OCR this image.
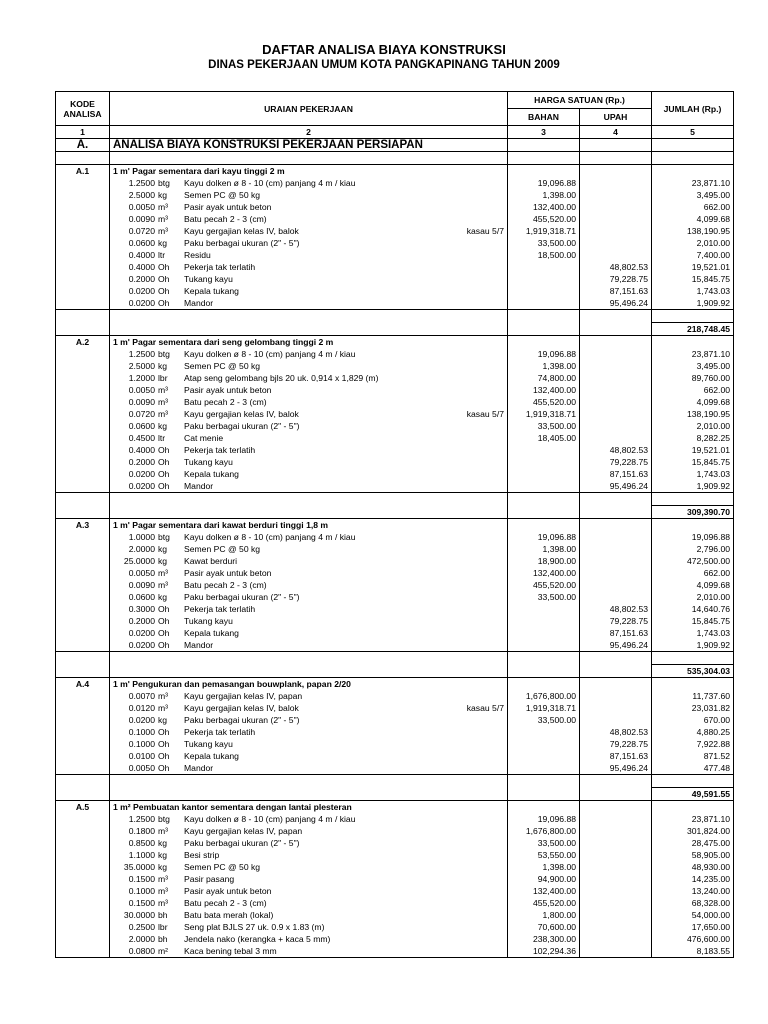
DAFTAR ANALISA BIAYA KONSTRUKSI
DINAS PEKERJAAN UMUM KOTA PANGKAPINANG TAHUN 2009
KODE ANALISA	URAIAN PEKERJAAN	HARGA SATUAN (Rp.)		JUMLAH (Rp.)
		BAHAN	UPAH	
1	2	3	4	5
A.	ANALISA BIAYA KONSTRUKSI PEKERJAAN PERSIAPAN			

A.1	1 m' Pagar sementara dari kayu tinggi 2 m			
	1.2500 btg Kayu dolken ø 8 - 10 (cm) panjang 4 m / kiau	19,096.88		23,871.10
	2.5000 kg Semen PC @ 50 kg	1,398.00		3,495.00
	0.0050 m³ Pasir ayak untuk beton	132,400.00		662.00
	0.0090 m³ Batu pecah 2 - 3 (cm)	455,520.00		4,099.68
	0.0720 m³ Kayu gergajian kelas IV, balok kasau 5/7	1,919,318.71		138,190.95
	0.0600 kg Paku berbagai ukuran (2" - 5")	33,500.00		2,010.00
	0.4000 ltr Residu	18,500.00		7,400.00
	0.4000 Oh Pekerja tak terlatih		48,802.53	19,521.01
	0.2000 Oh Tukang kayu		79,228.75	15,845.75
	0.0200 Oh Kepala tukang		87,151.63	1,743.03
	0.0200 Oh Mandor		95,496.24	1,909.92

				218,748.45
A.2	1 m' Pagar sementara dari seng gelombang tinggi 2 m			
	1.2500 btg Kayu dolken ø 8 - 10 (cm) panjang 4 m / kiau	19,096.88		23,871.10
	2.5000 kg Semen PC @ 50 kg	1,398.00		3,495.00
	1.2000 lbr Atap seng gelombang bjls 20 uk. 0,914 x 1,829 (m)	74,800.00		89,760.00
	0.0050 m³ Pasir ayak untuk beton	132,400.00		662.00
	0.0090 m³ Batu pecah 2 - 3 (cm)	455,520.00		4,099.68
	0.0720 m³ Kayu gergajian kelas IV, balok kasau 5/7	1,919,318.71		138,190.95
	0.0600 kg Paku berbagai ukuran (2" - 5")	33,500.00		2,010.00
	0.4500 ltr Cat menie	18,405.00		8,282.25
	0.4000 Oh Pekerja tak terlatih		48,802.53	19,521.01
	0.2000 Oh Tukang kayu		79,228.75	15,845.75
	0.0200 Oh Kepala tukang		87,151.63	1,743.03
	0.0200 Oh Mandor		95,496.24	1,909.92

				309,390.70
A.3	1 m' Pagar sementara dari kawat berduri tinggi 1,8 m			
	1.0000 btg Kayu dolken ø 8 - 10 (cm) panjang 4 m / kiau	19,096.88		19,096.88
	2.0000 kg Semen PC @ 50 kg	1,398.00		2,796.00
	25.0000 kg Kawat berduri	18,900.00		472,500.00
	0.0050 m³ Pasir ayak untuk beton	132,400.00		662.00
	0.0090 m³ Batu pecah 2 - 3 (cm)	455,520.00		4,099.68
	0.0600 kg Paku berbagai ukuran (2" - 5")	33,500.00		2,010.00
	0.3000 Oh Pekerja tak terlatih		48,802.53	14,640.76
	0.2000 Oh Tukang kayu		79,228.75	15,845.75
	0.0200 Oh Kepala tukang		87,151.63	1,743.03
	0.0200 Oh Mandor		95,496.24	1,909.92

				535,304.03
A.4	1 m' Pengukuran dan pemasangan bouwplank, papan 2/20			
	0.0070 m³ Kayu gergajian kelas IV, papan	1,676,800.00		11,737.60
	0.0120 m³ Kayu gergajian kelas IV, balok kasau 5/7	1,919,318.71		23,031.82
	0.0200 kg Paku berbagai ukuran (2" - 5")	33,500.00		670.00
	0.1000 Oh Pekerja tak terlatih		48,802.53	4,880.25
	0.1000 Oh Tukang kayu		79,228.75	7,922.88
	0.0100 Oh Kepala tukang		87,151.63	871.52
	0.0050 Oh Mandor		95,496.24	477.48

				49,591.55
A.5	1 m² Pembuatan kantor sementara dengan lantai plesteran			
	1.2500 btg Kayu dolken ø 8 - 10 (cm) panjang 4 m / kiau	19,096.88		23,871.10
	0.1800 m³ Kayu gergajian kelas IV, papan	1,676,800.00		301,824.00
	0.8500 kg Paku berbagai ukuran (2" - 5")	33,500.00		28,475.00
	1.1000 kg Besi strip	53,550.00		58,905.00
	35.0000 kg Semen PC @ 50 kg	1,398.00		48,930.00
	0.1500 m³ Pasir pasang	94,900.00		14,235.00
	0.1000 m³ Pasir ayak untuk beton	132,400.00		13,240.00
	0.1500 m³ Batu pecah 2 - 3 (cm)	455,520.00		68,328.00
	30.0000 bh Batu bata merah (lokal)	1,800.00		54,000.00
	0.2500 lbr Seng plat BJLS 27 uk. 0.9 x 1.83 (m)	70,600.00		17,650.00
	2.0000 bh Jendela nako (kerangka + kaca 5 mm)	238,300.00		476,600.00
	0.0800 m² Kaca bening tebal 3 mm	102,294.36		8,183.55
